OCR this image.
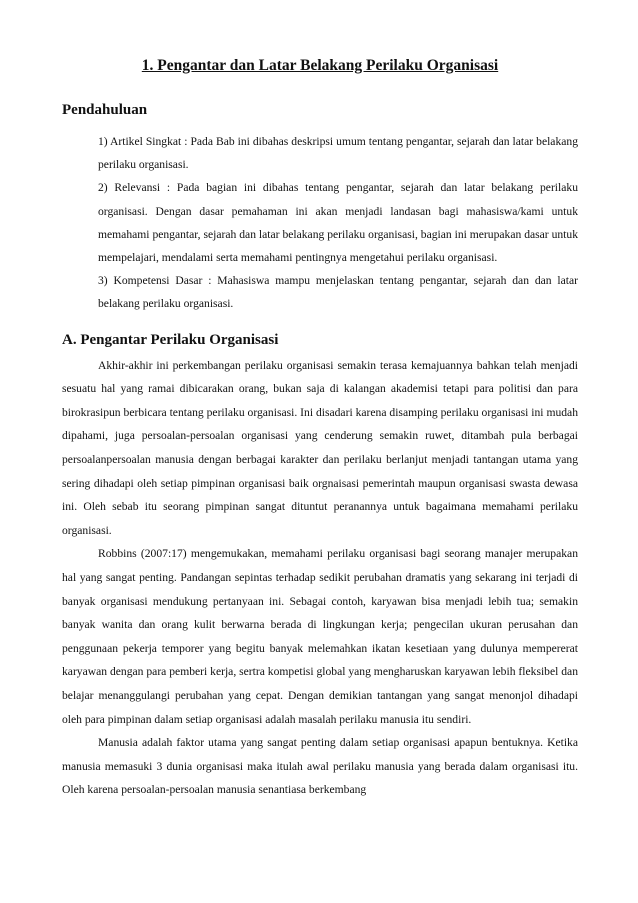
1. Pengantar dan Latar Belakang Perilaku Organisasi
Pendahuluan
1) Artikel Singkat : Pada Bab ini dibahas deskripsi umum tentang pengantar, sejarah dan latar belakang perilaku organisasi.
2) Relevansi : Pada bagian ini dibahas tentang pengantar, sejarah dan latar belakang perilaku organisasi. Dengan dasar pemahaman ini akan menjadi landasan bagi mahasiswa/kami untuk memahami pengantar, sejarah dan latar belakang perilaku organisasi, bagian ini merupakan dasar untuk mempelajari, mendalami serta memahami pentingnya mengetahui perilaku organisasi.
3) Kompetensi Dasar : Mahasiswa mampu menjelaskan tentang pengantar, sejarah dan dan latar belakang perilaku organisasi.
A. Pengantar Perilaku Organisasi

Akhir-akhir ini perkembangan perilaku organisasi semakin terasa kemajuannya bahkan telah menjadi sesuatu hal yang ramai dibicarakan orang, bukan saja di kalangan akademisi tetapi para politisi dan para birokrasipun berbicara tentang perilaku organisasi. Ini disadari karena disamping perilaku organisasi ini mudah dipahami, juga persoalan-persoalan organisasi yang cenderung semakin ruwet, ditambah pula berbagai persoalanpersoalan manusia dengan berbagai karakter dan perilaku berlanjut menjadi tantangan utama yang sering dihadapi oleh setiap pimpinan organisasi baik orgnaisasi pemerintah maupun organisasi swasta dewasa ini. Oleh sebab itu seorang pimpinan sangat dituntut peranannya untuk bagaimana memahami perilaku organisasi.

Robbins (2007:17) mengemukakan, memahami perilaku organisasi bagi seorang manajer merupakan hal yang sangat penting. Pandangan sepintas terhadap sedikit perubahan dramatis yang sekarang ini terjadi di banyak organisasi mendukung pertanyaan ini. Sebagai contoh, karyawan bisa menjadi lebih tua; semakin banyak wanita dan orang kulit berwarna berada di lingkungan kerja; pengecilan ukuran perusahan dan penggunaan pekerja temporer yang begitu banyak melemahkan ikatan kesetiaan yang dulunya mempererat karyawan dengan para pemberi kerja, sertra kompetisi global yang mengharuskan karyawan lebih fleksibel dan belajar menanggulangi perubahan yang cepat. Dengan demikian tantangan yang sangat menonjol dihadapi oleh para pimpinan dalam setiap organisasi adalah masalah perilaku manusia itu sendiri.

Manusia adalah faktor utama yang sangat penting dalam setiap organisasi apapun bentuknya. Ketika manusia memasuki 3 dunia organisasi maka itulah awal perilaku manusia yang berada dalam organisasi itu. Oleh karena persoalan-persoalan manusia senantiasa berkembang
